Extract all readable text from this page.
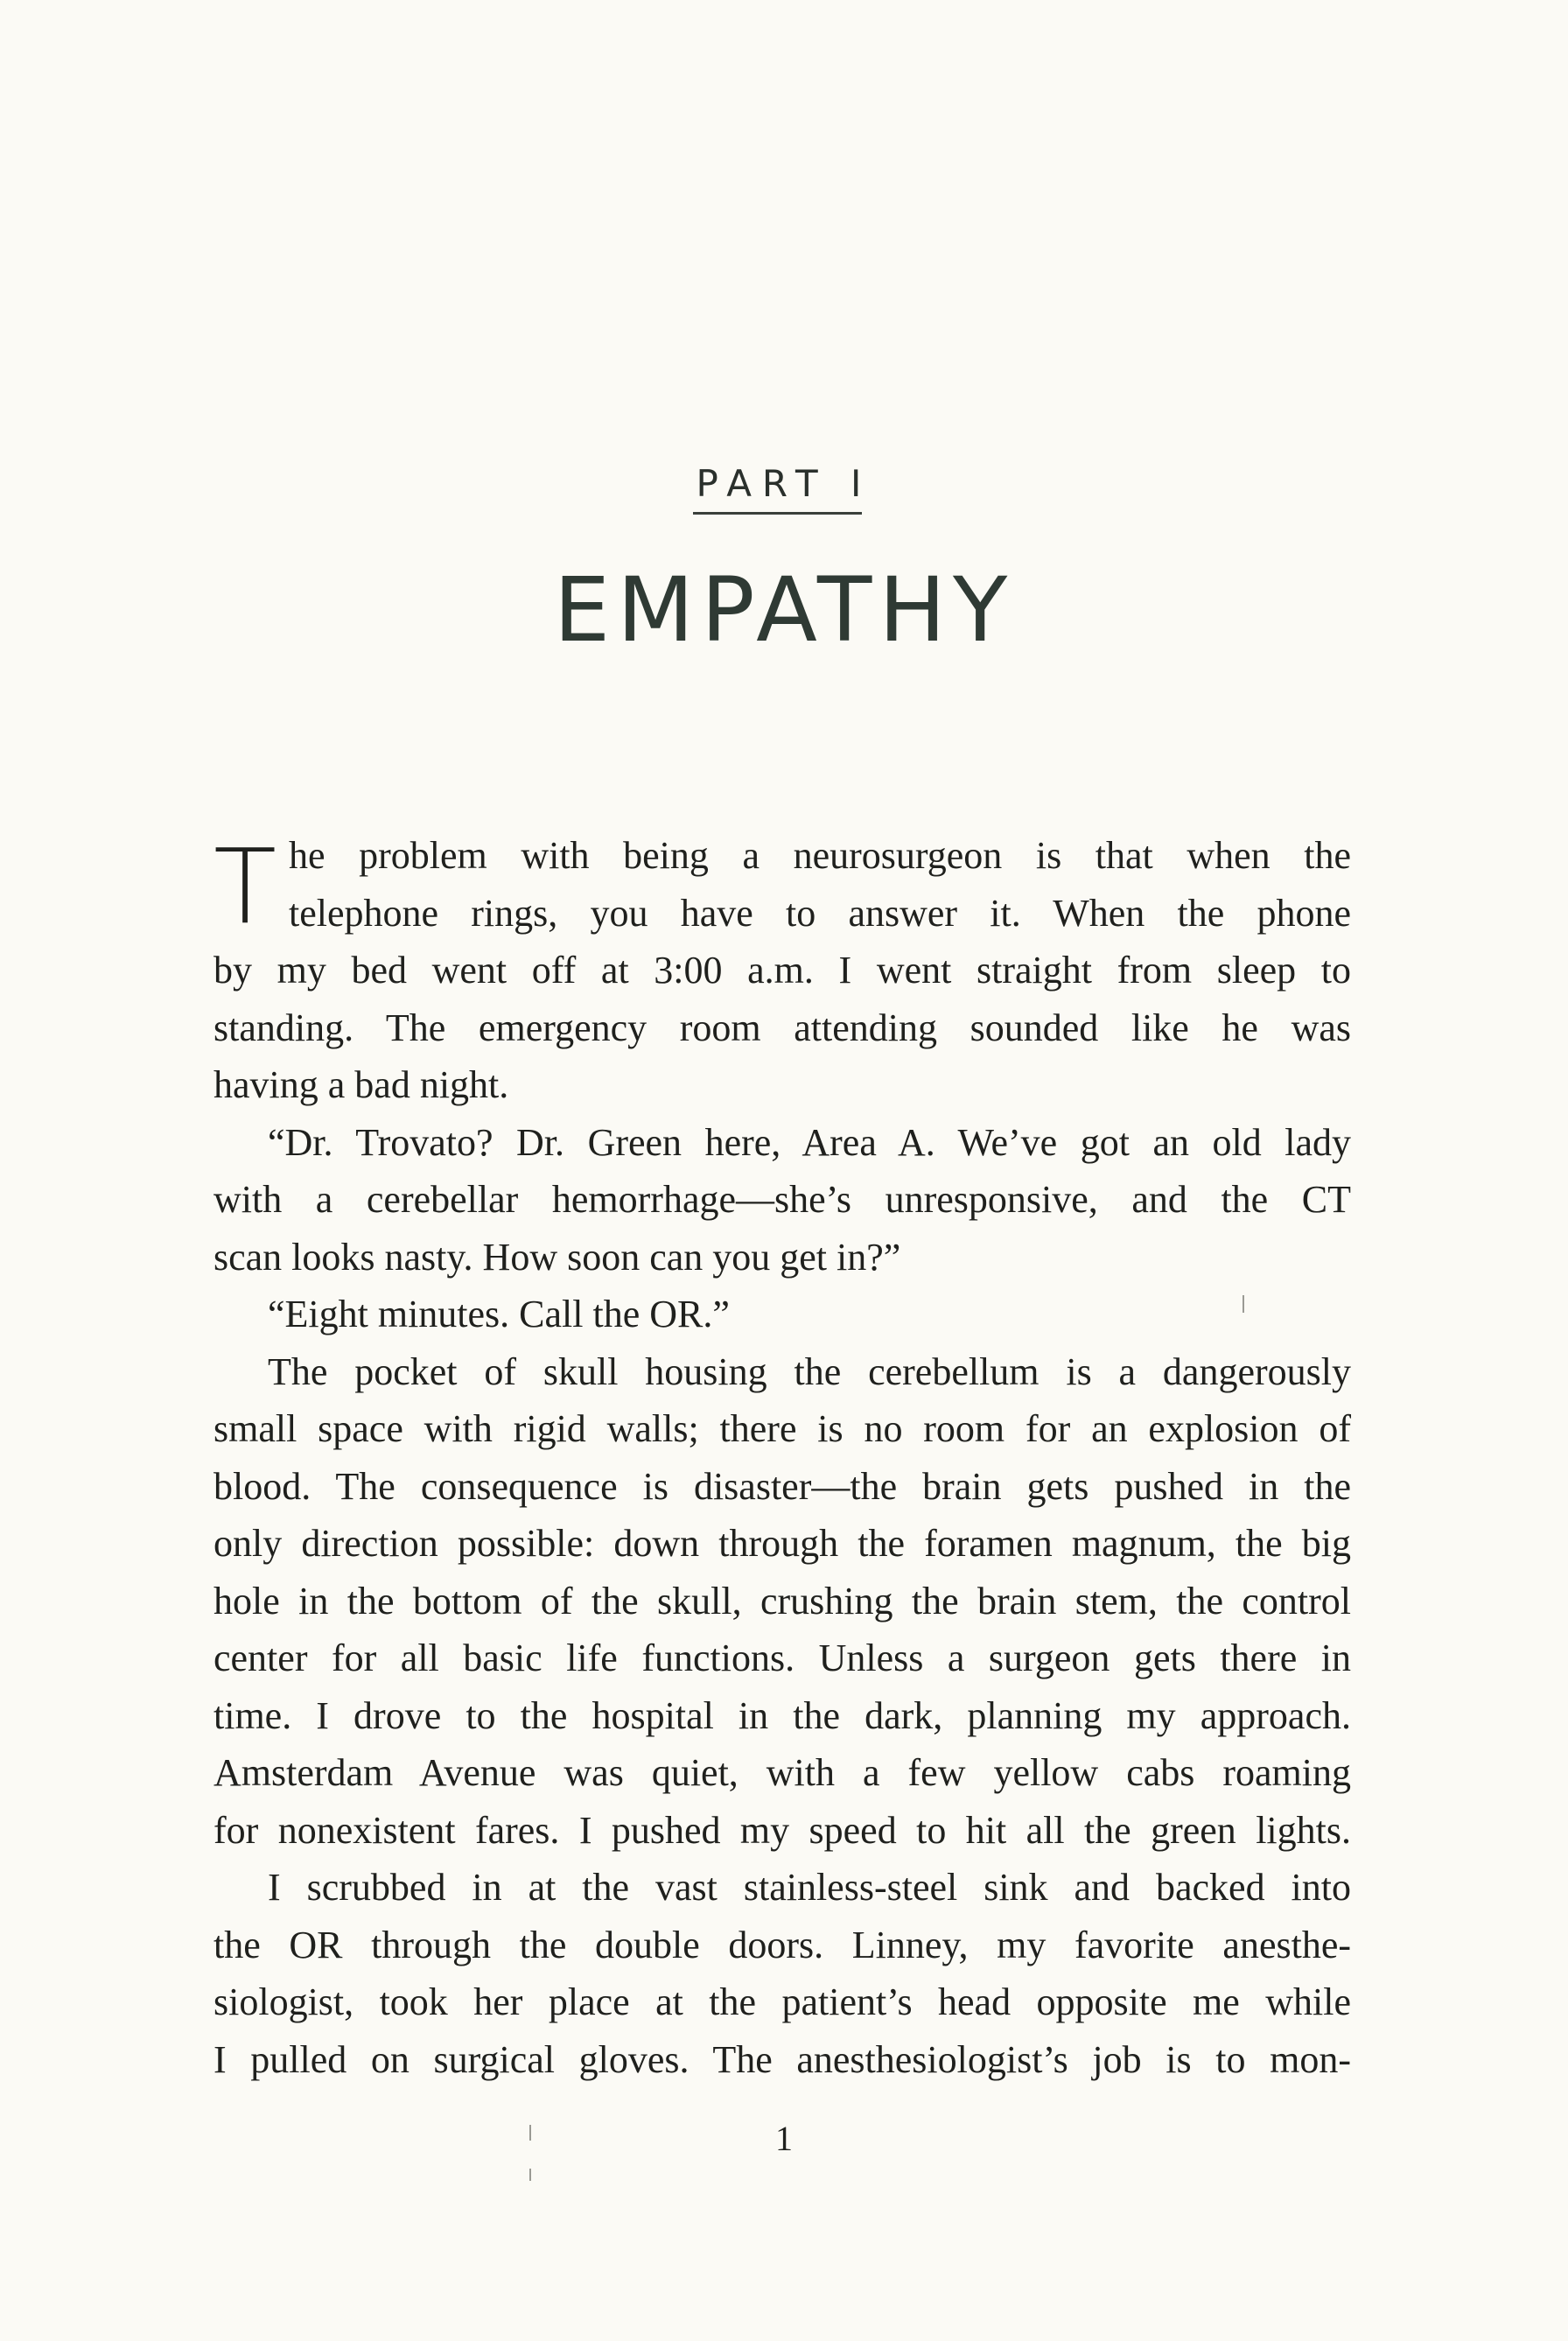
PART I
EMPATHY
T he problem with being a neurosurgeon is that when the
telephone rings, you have to answer it. When the phone
by my bed went off at 3:00 a.m. I went straight from sleep to
standing. The emergency room attending sounded like he was
having a bad night.
“Dr. Trovato? Dr. Green here, Area A. We’ve got an old lady
with a cerebellar hemorrhage—she’s unresponsive, and the CT
scan looks nasty. How soon can you get in?”
“Eight minutes. Call the OR.”
The pocket of skull housing the cerebellum is a dangerously
small space with rigid walls; there is no room for an explosion of
blood. The consequence is disaster—the brain gets pushed in the
only direction possible: down through the foramen magnum, the big
hole in the bottom of the skull, crushing the brain stem, the control
center for all basic life functions. Unless a surgeon gets there in
time. I drove to the hospital in the dark, planning my approach.
Amsterdam Avenue was quiet, with a few yellow cabs roaming
for nonexistent fares. I pushed my speed to hit all the green lights.
I scrubbed in at the vast stainless-steel sink and backed into
the OR through the double doors. Linney, my favorite anesthe-
siologist, took her place at the patient’s head opposite me while
I pulled on surgical gloves. The anesthesiologist’s job is to mon-
1
